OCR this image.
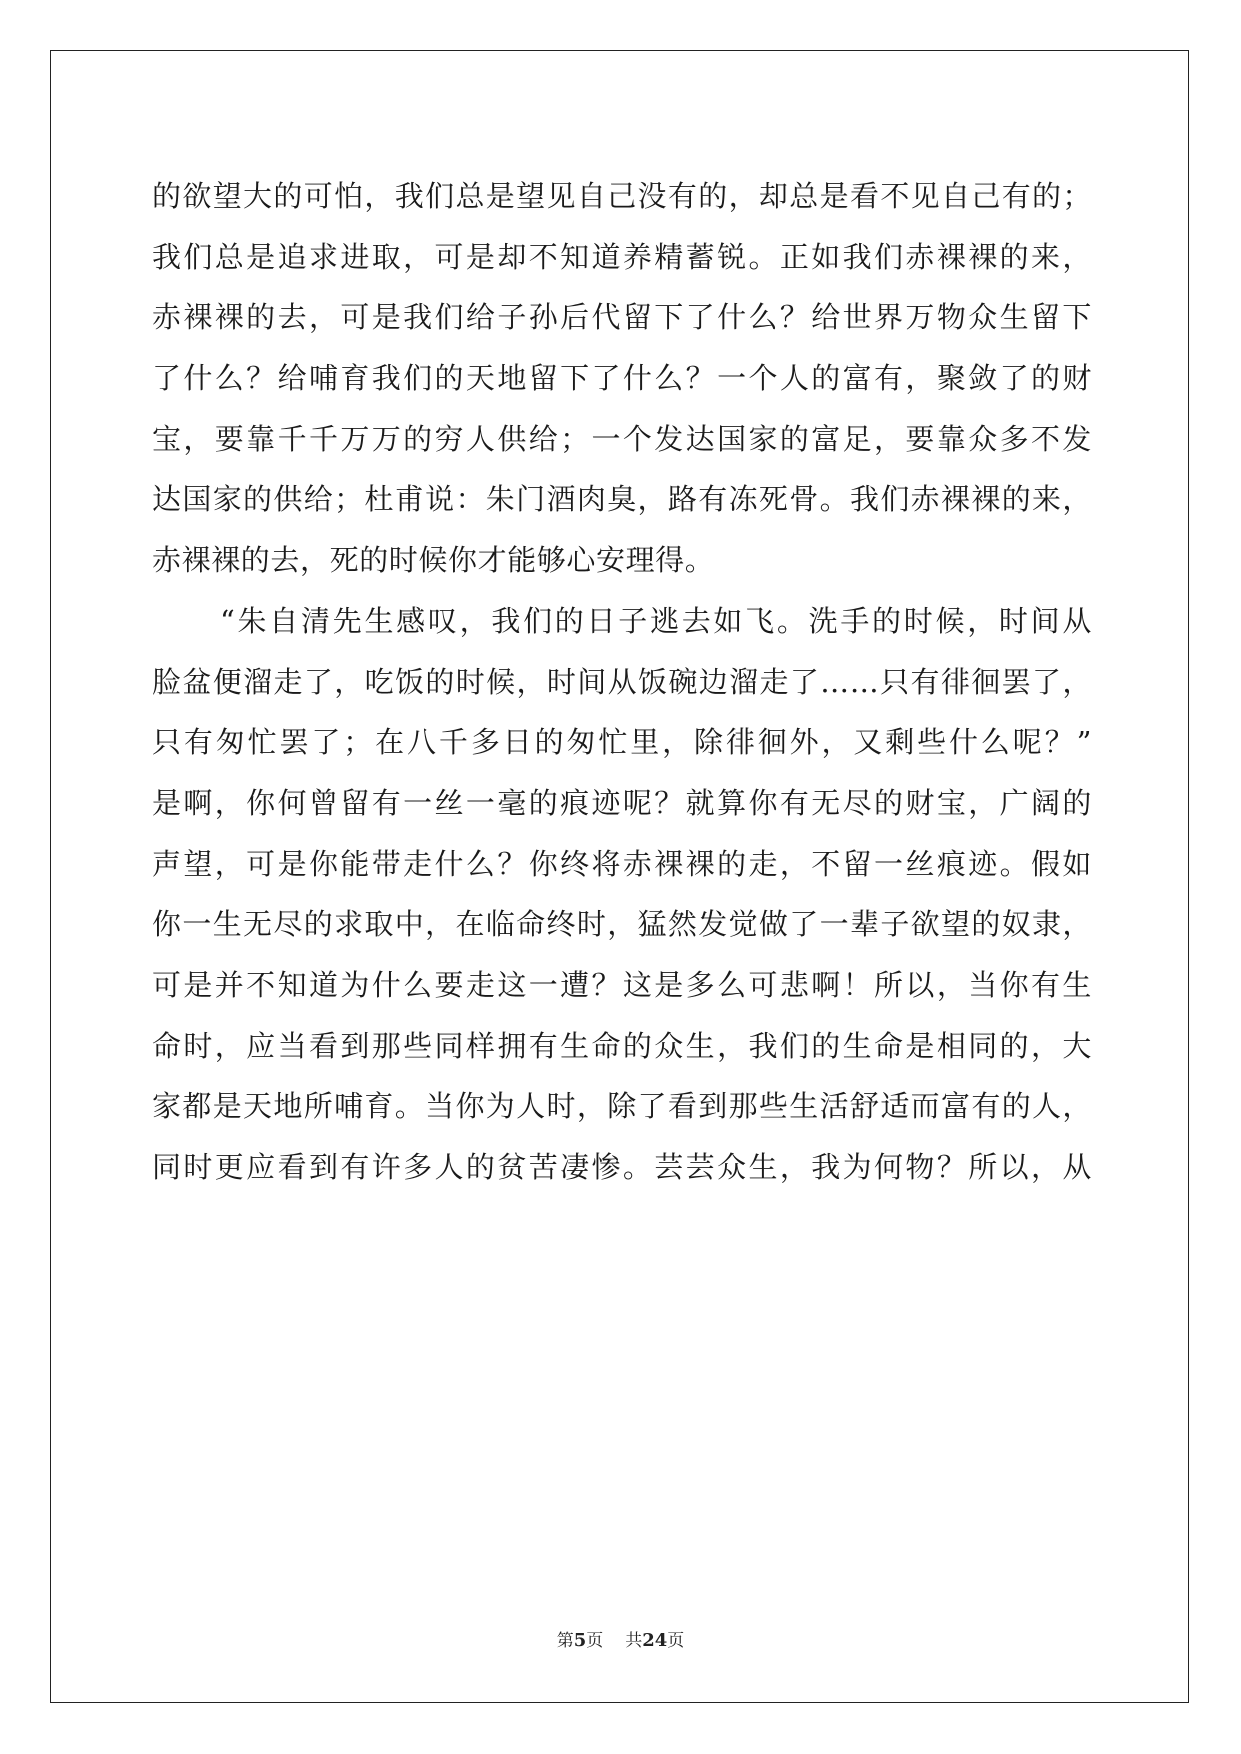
的欲望大的可怕，我们总是望见自己没有的，却总是看不见自己有的；
我们总是追求进取，可是却不知道养精蓄锐。正如我们赤裸裸的来，
赤裸裸的去，可是我们给子孙后代留下了什么？给世界万物众生留下
了什么？给哺育我们的天地留下了什么？一个人的富有，聚敛了的财
宝，要靠千千万万的穷人供给；一个发达国家的富足，要靠众多不发
达国家的供给；杜甫说：朱门酒肉臭，路有冻死骨。我们赤裸裸的来，
赤裸裸的去，死的时候你才能够心安理得。
“朱自清先生感叹，我们的日子逃去如飞。洗手的时候，时间从
脸盆便溜走了，吃饭的时候，时间从饭碗边溜走了……只有徘徊罢了，
只有匆忙罢了；在八千多日的匆忙里，除徘徊外，又剩些什么呢？”
是啊，你何曾留有一丝一毫的痕迹呢？就算你有无尽的财宝，广阔的
声望，可是你能带走什么？你终将赤裸裸的走，不留一丝痕迹。假如
你一生无尽的求取中，在临命终时，猛然发觉做了一辈子欲望的奴隶，
可是并不知道为什么要走这一遭？这是多么可悲啊！所以，当你有生
命时，应当看到那些同样拥有生命的众生，我们的生命是相同的，大
家都是天地所哺育。当你为人时，除了看到那些生活舒适而富有的人，
同时更应看到有许多人的贫苦凄惨。芸芸众生，我为何物？所以，从
第5页 共24页
